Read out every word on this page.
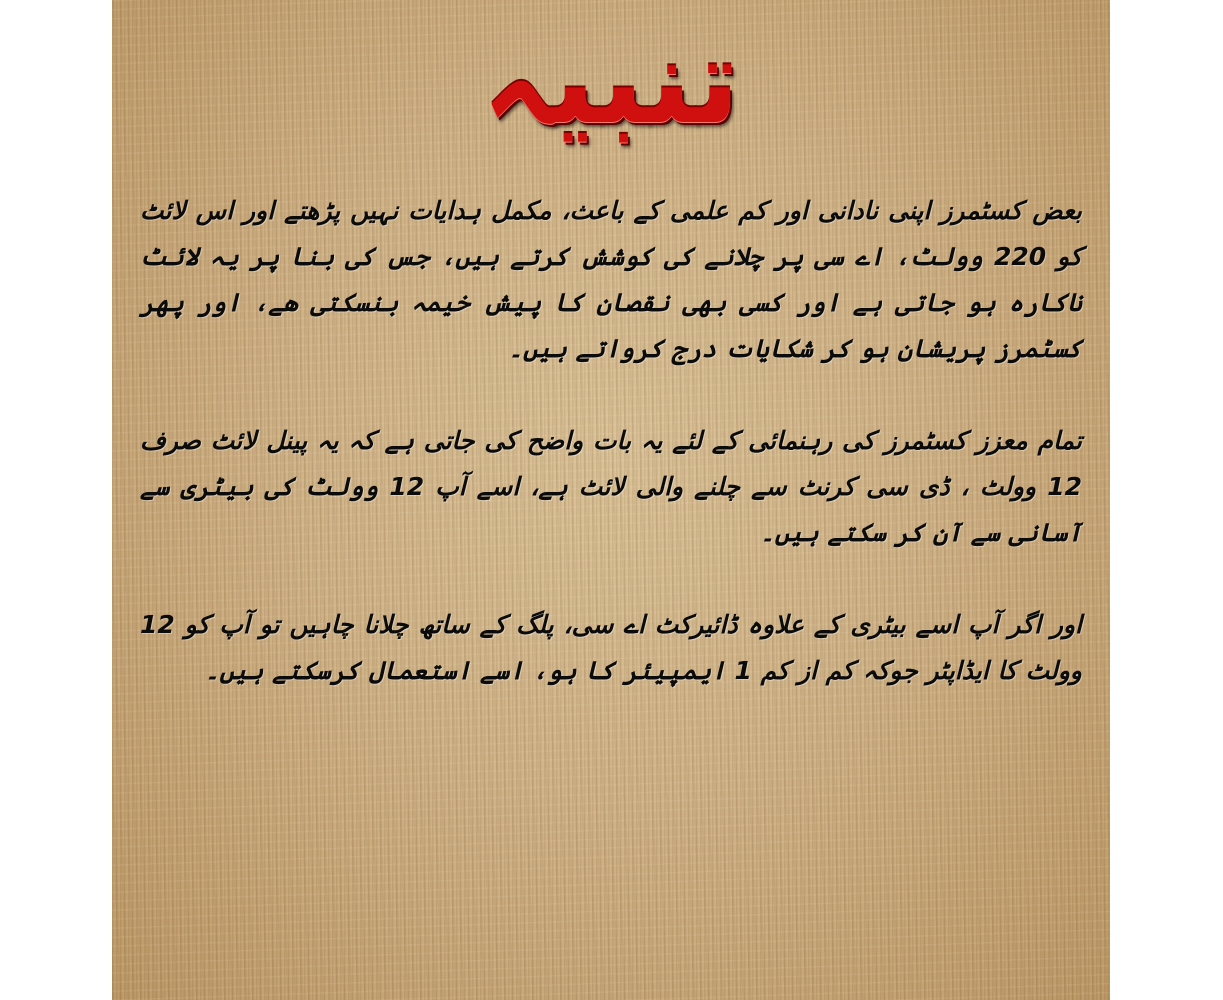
تنبیہ

بعض کسٹمرز اپنی نادانی اور کم علمی کے باعث، مکمل ہدایات نہیں پڑھتے اور اس لائٹ کو 220 وولٹ، اے سی پر چلانے کی کوشش کرتے ہیں، جس کی بنا پر یہ لائٹ ناکارہ ہو جاتی ہے اور کسی بھی نقصان کا پیش خیمہ بنسکتی ھے، اور پھر کسٹمرز پریشان ہو کر شکایات درج کرواتے ہیں۔

تمام معزز کسٹمرز کی رہنمائی کے لئے یہ بات واضح کی جاتی ہے کہ یہ پینل لائٹ صرف 12 وولٹ ، ڈی سی کرنٹ سے چلنے والی لائٹ ہے، اسے آپ 12 وولٹ کی بیٹری سے آسانی سے آن کر سکتے ہیں۔

اور اگر آپ اسے بیٹری کے علاوہ ڈائیرکٹ اے سی، پلگ کے ساتھ چلانا چاہیں تو آپ کو 12 وولٹ کا ایڈاپٹر جوکہ کم از کم 1 ایمپیئر کا ہو، اسے استعمال کرسکتے ہیں۔
